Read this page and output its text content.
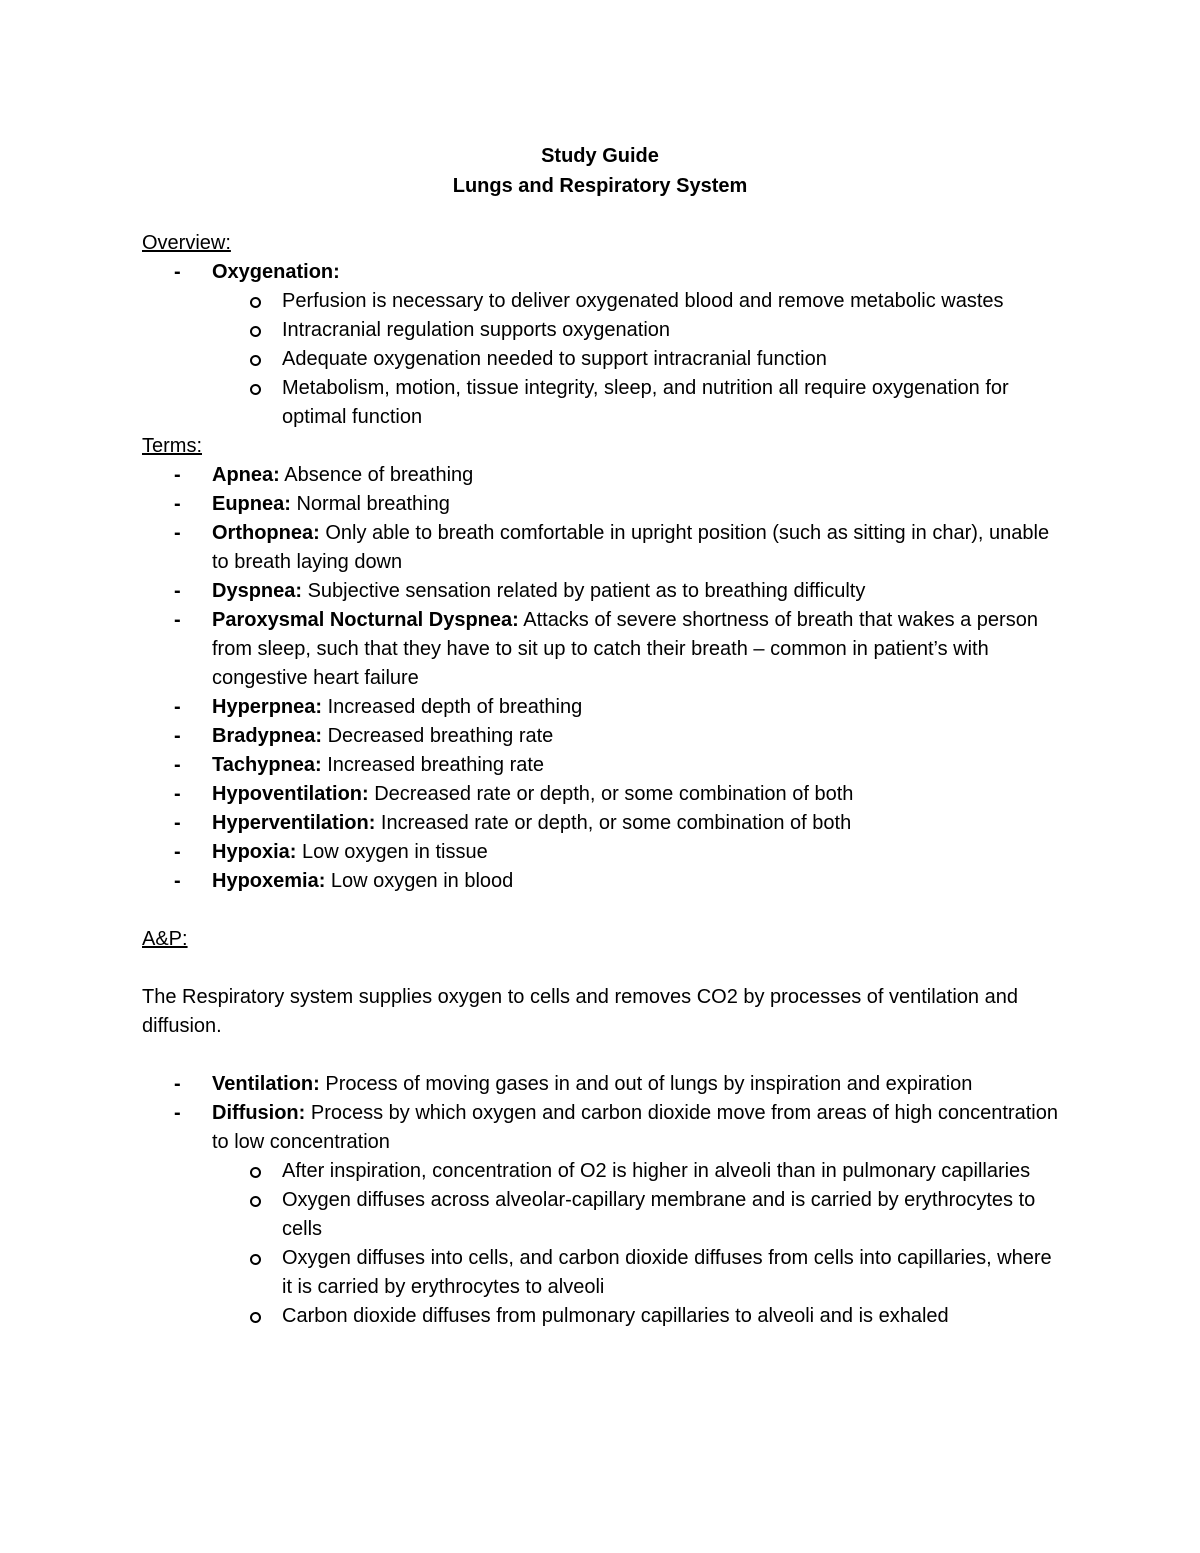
Study Guide
Lungs and Respiratory System
Overview:
- Oxygenation:
Perfusion is necessary to deliver oxygenated blood and remove metabolic wastes
Intracranial regulation supports oxygenation
Adequate oxygenation needed to support intracranial function
Metabolism, motion, tissue integrity, sleep, and nutrition all require oxygenation for optimal function
Terms:
- Apnea: Absence of breathing
- Eupnea: Normal breathing
- Orthopnea: Only able to breath comfortable in upright position (such as sitting in char), unable to breath laying down
- Dyspnea: Subjective sensation related by patient as to breathing difficulty
- Paroxysmal Nocturnal Dyspnea: Attacks of severe shortness of breath that wakes a person from sleep, such that they have to sit up to catch their breath – common in patient’s with congestive heart failure
- Hyperpnea: Increased depth of breathing
- Bradypnea: Decreased breathing rate
- Tachypnea: Increased breathing rate
- Hypoventilation: Decreased rate or depth, or some combination of both
- Hyperventilation: Increased rate or depth, or some combination of both
- Hypoxia: Low oxygen in tissue
- Hypoxemia: Low oxygen in blood
A&P:
The Respiratory system supplies oxygen to cells and removes CO2 by processes of ventilation and diffusion.
- Ventilation: Process of moving gases in and out of lungs by inspiration and expiration
- Diffusion: Process by which oxygen and carbon dioxide move from areas of high concentration to low concentration
After inspiration, concentration of O2 is higher in alveoli than in pulmonary capillaries
Oxygen diffuses across alveolar-capillary membrane and is carried by erythrocytes to cells
Oxygen diffuses into cells, and carbon dioxide diffuses from cells into capillaries, where it is carried by erythrocytes to alveoli
Carbon dioxide diffuses from pulmonary capillaries to alveoli and is exhaled
